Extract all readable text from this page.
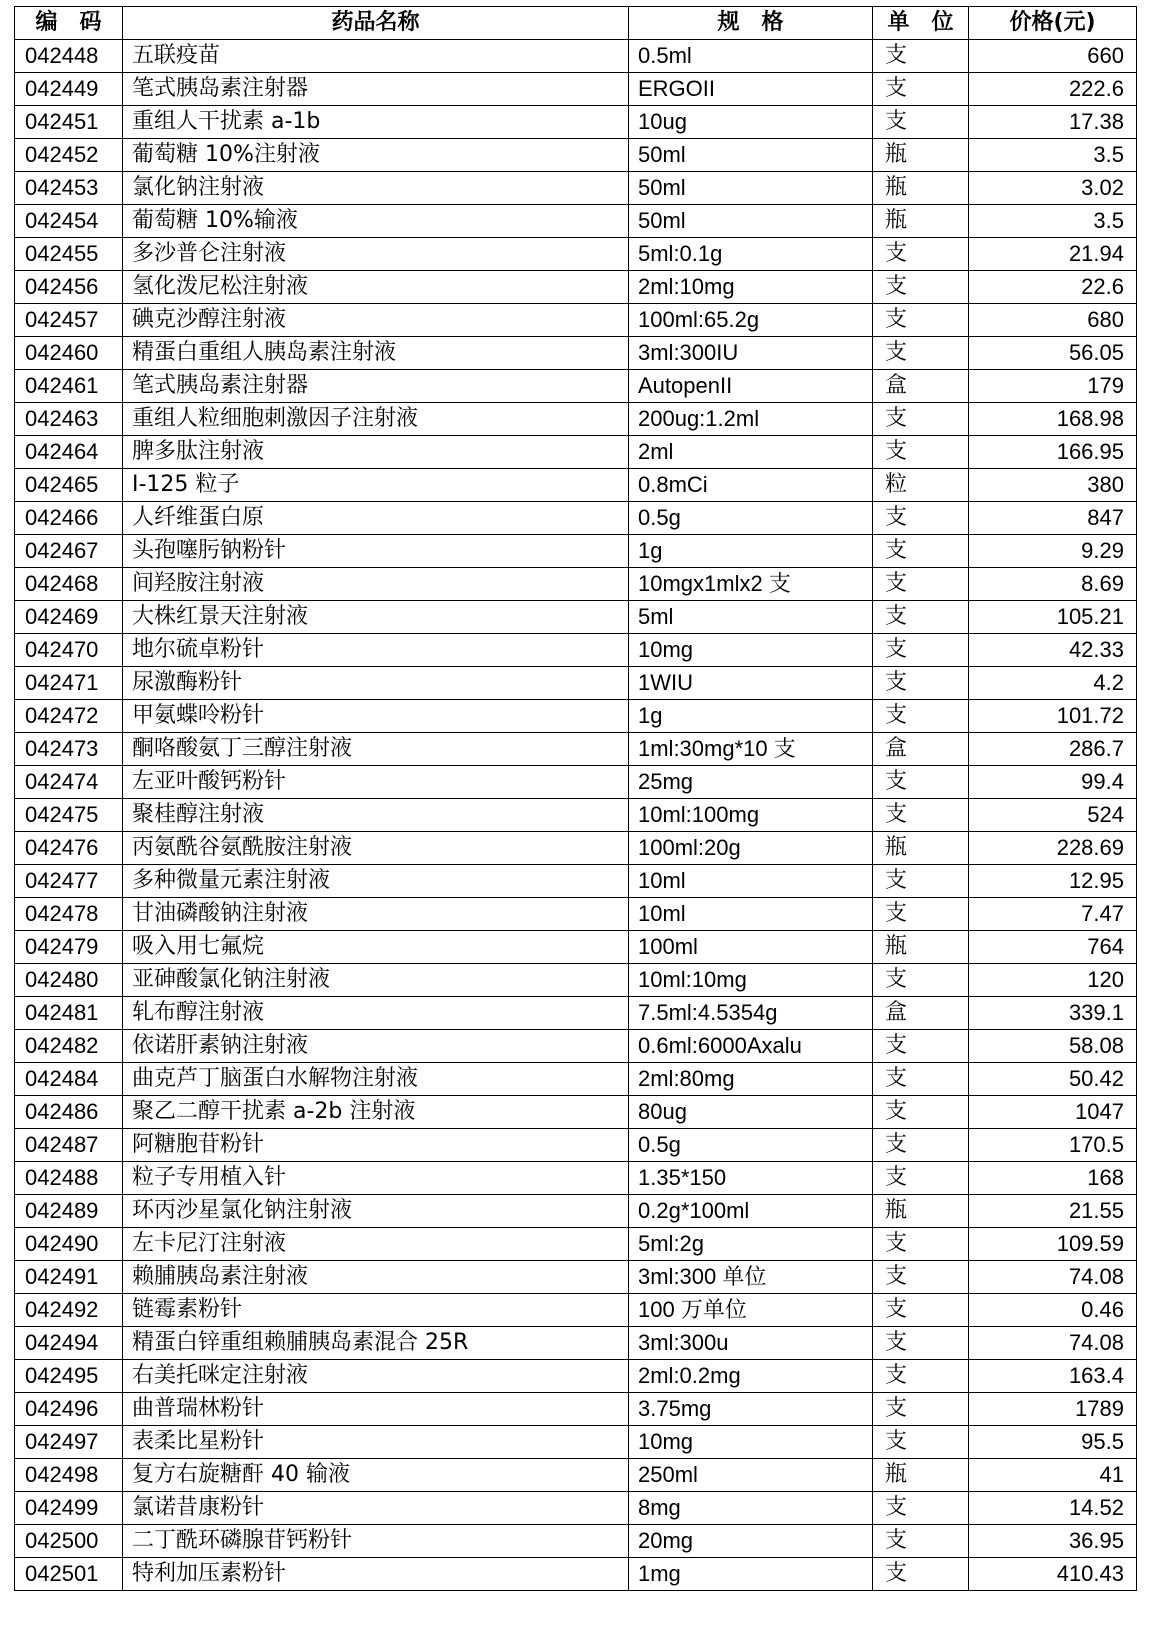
编　码	药品名称	规　格	单　位	价格(元)
042448	五联疫苗	0.5ml	支	660
042449	笔式胰岛素注射器	ERGOII	支	222.6
042451	重组人干扰素 a-1b	10ug	支	17.38
042452	葡萄糖 10%注射液	50ml	瓶	3.5
042453	氯化钠注射液	50ml	瓶	3.02
042454	葡萄糖 10%输液	50ml	瓶	3.5
042455	多沙普仑注射液	5ml:0.1g	支	21.94
042456	氢化泼尼松注射液	2ml:10mg	支	22.6
042457	碘克沙醇注射液	100ml:65.2g	支	680
042460	精蛋白重组人胰岛素注射液	3ml:300IU	支	56.05
042461	笔式胰岛素注射器	AutopenII	盒	179
042463	重组人粒细胞刺激因子注射液	200ug:1.2ml	支	168.98
042464	脾多肽注射液	2ml	支	166.95
042465	I-125 粒子	0.8mCi	粒	380
042466	人纤维蛋白原	0.5g	支	847
042467	头孢噻肟钠粉针	1g	支	9.29
042468	间羟胺注射液	10mgx1mlx2 支	支	8.69
042469	大株红景天注射液	5ml	支	105.21
042470	地尔硫卓粉针	10mg	支	42.33
042471	尿激酶粉针	1WIU	支	4.2
042472	甲氨蝶呤粉针	1g	支	101.72
042473	酮咯酸氨丁三醇注射液	1ml:30mg*10 支	盒	286.7
042474	左亚叶酸钙粉针	25mg	支	99.4
042475	聚桂醇注射液	10ml:100mg	支	524
042476	丙氨酰谷氨酰胺注射液	100ml:20g	瓶	228.69
042477	多种微量元素注射液	10ml	支	12.95
042478	甘油磷酸钠注射液	10ml	支	7.47
042479	吸入用七氟烷	100ml	瓶	764
042480	亚砷酸氯化钠注射液	10ml:10mg	支	120
042481	轧布醇注射液	7.5ml:4.5354g	盒	339.1
042482	依诺肝素钠注射液	0.6ml:6000Axalu	支	58.08
042484	曲克芦丁脑蛋白水解物注射液	2ml:80mg	支	50.42
042486	聚乙二醇干扰素 a-2b 注射液	80ug	支	1047
042487	阿糖胞苷粉针	0.5g	支	170.5
042488	粒子专用植入针	1.35*150	支	168
042489	环丙沙星氯化钠注射液	0.2g*100ml	瓶	21.55
042490	左卡尼汀注射液	5ml:2g	支	109.59
042491	赖脯胰岛素注射液	3ml:300 单位	支	74.08
042492	链霉素粉针	100 万单位	支	0.46
042494	精蛋白锌重组赖脯胰岛素混合 25R	3ml:300u	支	74.08
042495	右美托咪定注射液	2ml:0.2mg	支	163.4
042496	曲普瑞林粉针	3.75mg	支	1789
042497	表柔比星粉针	10mg	支	95.5
042498	复方右旋糖酐 40 输液	250ml	瓶	41
042499	氯诺昔康粉针	8mg	支	14.52
042500	二丁酰环磷腺苷钙粉针	20mg	支	36.95
042501	特利加压素粉针	1mg	支	410.43
